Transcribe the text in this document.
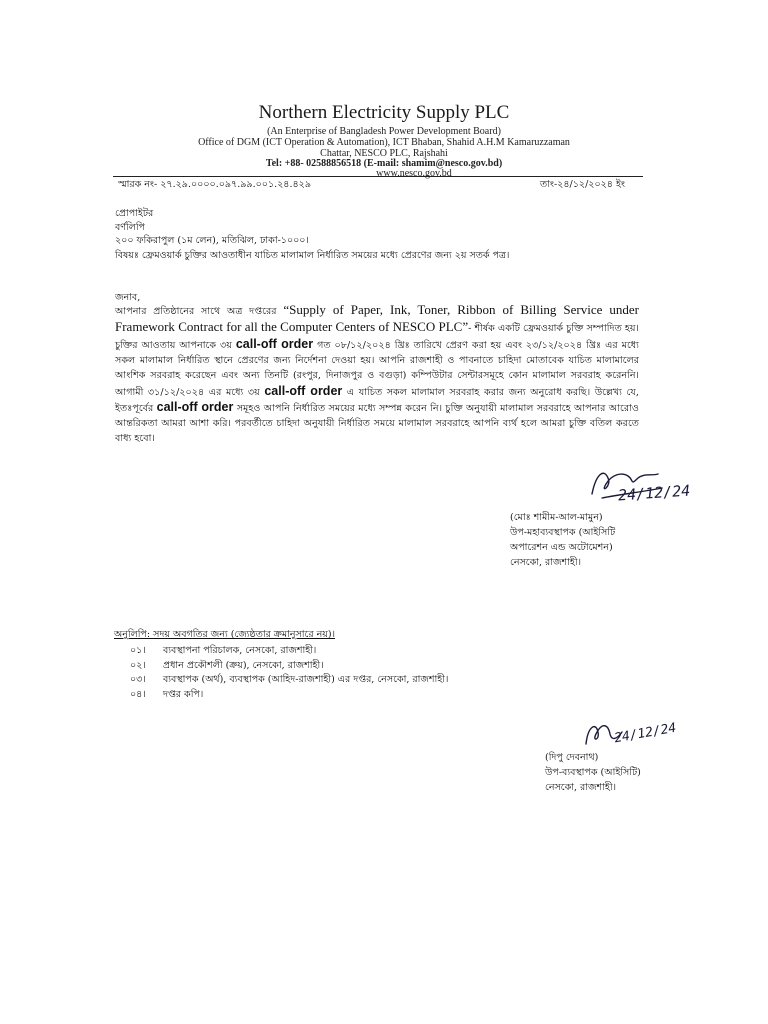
Northern Electricity Supply PLC
(An Enterprise of Bangladesh Power Development Board)
Office of DGM (ICT Operation & Automation), ICT Bhaban, Shahid A.H.M Kamaruzzaman
Chattar, NESCO PLC, Rajshahi
Tel: +88- 02588856518 (E-mail: shamim@nesco.gov.bd)
www.nesco.gov.bd
স্মারক নং- ২৭.২৯.০০০০.০৯৭.৯৯.০০১.২৪.৪২৯	তাং-২৪/১২/২০২৪ ইং
প্রোপাইটর
বর্ণলিপি
২০০ ফকিরাপুল (১ম লেন), মতিঝিল, ঢাকা-১০০০।
বিষয়ঃ ফ্রেমওয়ার্ক চুক্তির আওতাধীন যাচিত মালামাল নির্ধারিত সময়ের মধ্যে প্রেরণের জন্য ২য় সতর্ক পত্র।
জনাব,
আপনার প্রতিষ্ঠানের সাথে অত্র দপ্তরের “Supply of Paper, Ink, Toner, Ribbon of Billing Service under Framework Contract for all the Computer Centers of NESCO PLC”- শীর্ষক একটি ফ্রেমওয়ার্ক চুক্তি সম্পাদিত হয়। চুক্তির আওতায় আপনাকে ৩য় call-off order গত ০৮/১২/২০২৪ খ্রিঃ তারিখে প্রেরণ করা হয় এবং ২৩/১২/২০২৪ খ্রিঃ এর মধ্যে সকল মালামাল নির্ধারিত স্থানে প্রেরণের জন্য নির্দেশনা দেওয়া হয়। আপনি রাজশাহী ও পাবনাতে চাহিদা মোতাবেক যাচিত মালামালের আংশিক সরবরাহ করেছেন এবং অন্য তিনটি (রংপুর, দিনাজপুর ও বগুড়া) কম্পিউটার সেন্টারসমূহে কোন মালামাল সরবরাহ করেননি। আগামী ৩১/১২/২০২৪ এর মধ্যে ৩য় call-off order এ যাচিত সকল মালামাল সরবরাহ করার জন্য অনুরোধ করছি। উল্লেখ্য যে, ইতঃপূর্বের call-off order সমূহও আপনি নির্ধারিত সময়ের মধ্যে সম্পন্ন করেন নি। চুক্তি অনুযায়ী মালামাল সরবরাহে আপনার আরোও আন্তরিকতা আমরা আশা করি। পরবর্তীতে চাহিদা অনুযায়ী নির্ধারিত সময়ে মালামাল সরবরাহে আপনি ব্যর্থ হলে আমরা চুক্তি বতিল করতে বাধ্য হবো।
24/12/24
(মোঃ শামীম-আল-মামুন)
উপ-মহাব্যবস্থাপক (আইসিটি
অপারেশন এন্ড অটোমেশন)
নেসকো, রাজশাহী।
অনুলিপি: সদয় অবগতির জন্য (জ্যেষ্ঠতার ক্রমানুসারে নয়)।
০১।	ব্যবস্থাপনা পরিচালক, নেসকো, রাজশাহী।
০২।	প্রধান প্রকৌশলী (ক্রয়), নেসকো, রাজশাহী।
০৩।	ব্যবস্থাপক (অর্থ), ব্যবস্থাপক (আহিদ-রাজশাহী) এর দপ্তর, নেসকো, রাজশাহী।
০৪।	দপ্তর কপি।
24/12/24
(দিপু দেবনাথ)
উপ-ব্যবস্থাপক (আইসিটি)
নেসকো, রাজশাহী।
